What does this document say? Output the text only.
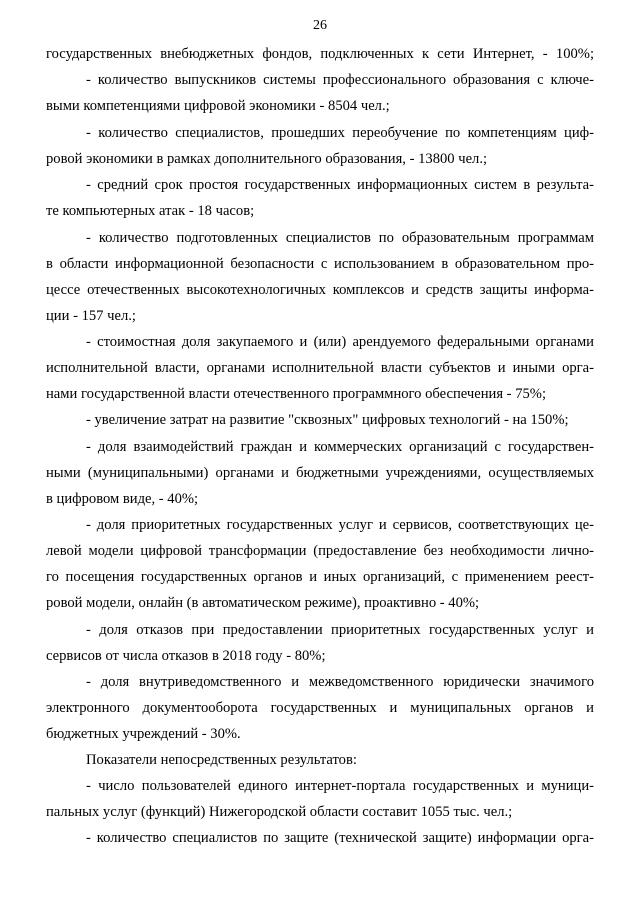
26
государственных внебюджетных фондов, подключенных к сети Интернет, - 100%;
- количество выпускников системы профессионального образования с ключе-
выми компетенциями цифровой экономики - 8504 чел.;
- количество специалистов, прошедших переобучение по компетенциям циф-
ровой экономики в рамках дополнительного образования, - 13800 чел.;
- средний срок простоя государственных информационных систем в результа-
те компьютерных атак - 18 часов;
- количество подготовленных специалистов по образовательным программам
в области информационной безопасности с использованием в образовательном про-
цессе отечественных высокотехнологичных комплексов и средств защиты информа-
ции - 157 чел.;
- стоимостная доля закупаемого и (или) арендуемого федеральными органами
исполнительной власти, органами исполнительной власти субъектов и иными орга-
нами государственной власти отечественного программного обеспечения - 75%;
- увеличение затрат на развитие "сквозных" цифровых технологий - на 150%;
- доля взаимодействий граждан и коммерческих организаций с государствен-
ными (муниципальными) органами и бюджетными учреждениями, осуществляемых
в цифровом виде, - 40%;
- доля приоритетных государственных услуг и сервисов, соответствующих це-
левой модели цифровой трансформации (предоставление без необходимости лично-
го посещения государственных органов и иных организаций, с применением реест-
ровой модели, онлайн (в автоматическом режиме), проактивно - 40%;
- доля отказов при предоставлении приоритетных государственных услуг и
сервисов от числа отказов в 2018 году - 80%;
- доля внутриведомственного и межведомственного юридически значимого
электронного документооборота государственных и муниципальных органов и
бюджетных учреждений - 30%.
Показатели непосредственных результатов:
- число пользователей единого интернет-портала государственных и муници-
пальных услуг (функций) Нижегородской области составит 1055 тыс. чел.;
- количество специалистов по защите (технической защите) информации орга-
